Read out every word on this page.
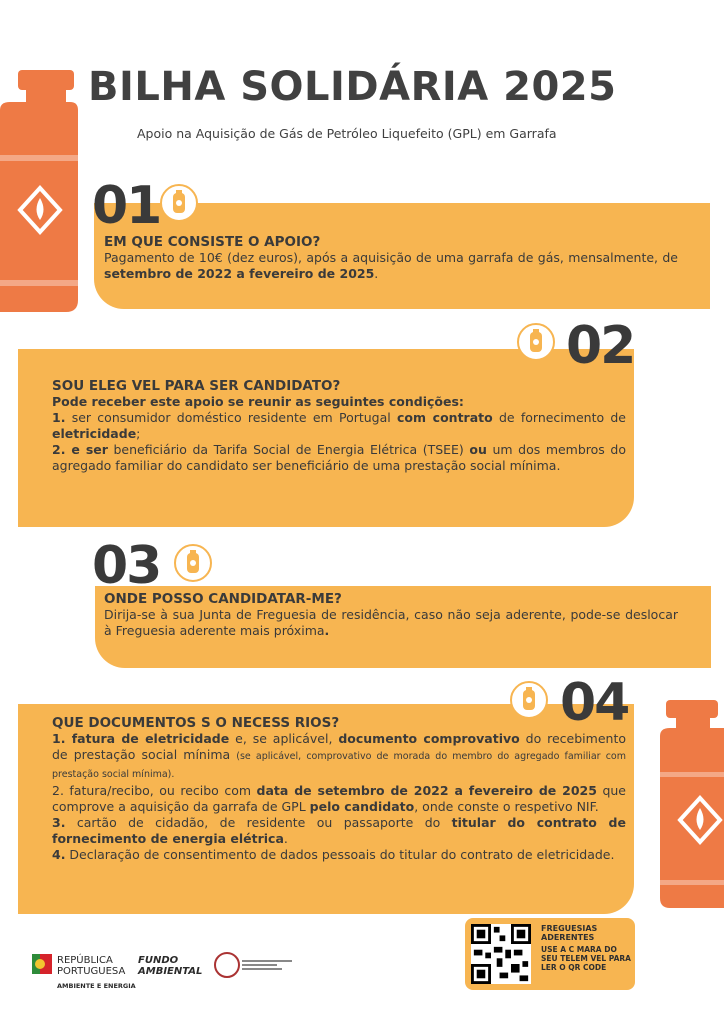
BILHA SOLIDÁRIA 2025
Apoio na Aquisição de Gás de Petróleo Liquefeito (GPL) em Garrafa
01
EM QUE CONSISTE O APOIO?
Pagamento de 10€ (dez euros), após a aquisição de uma garrafa de gás, mensalmente, de setembro de 2022 a fevereiro de 2025.
02
SOU ELEG VEL PARA SER CANDIDATO?
Pode receber este apoio se reunir as seguintes condições:
1. ser consumidor doméstico residente em Portugal com contrato de fornecimento de eletricidade;
2. e ser beneficiário da Tarifa Social de Energia Elétrica (TSEE) ou um dos membros do agregado familiar do candidato ser beneficiário de uma prestação social mínima.
03
ONDE POSSO CANDIDATAR-ME?
Dirija-se à sua Junta de Freguesia de residência, caso não seja aderente, pode-se deslocar à Freguesia aderente mais próxima.
04
QUE DOCUMENTOS S O NECESS RIOS?
1. fatura de eletricidade e, se aplicável, documento comprovativo do recebimento de prestação social mínima (se aplicável, comprovativo de morada do membro do agregado familiar com prestação social mínima).
2. fatura/recibo, ou recibo com data de setembro de 2022 a fevereiro de 2025 que comprove a aquisição da garrafa de GPL pelo candidato, onde conste o respetivo NIF.
3. cartão de cidadão, de residente ou passaporte do titular do contrato de fornecimento de energia elétrica.
4. Declaração de consentimento de dados pessoais do titular do contrato de eletricidade.
REPÚBLICA
PORTUGUESA
AMBIENTE E ENERGIA
FUNDO
AMBIENTAL
FREGUESIAS ADERENTES
USE A C MARA DO SEU TELEM VEL PARA LER O QR CODE
